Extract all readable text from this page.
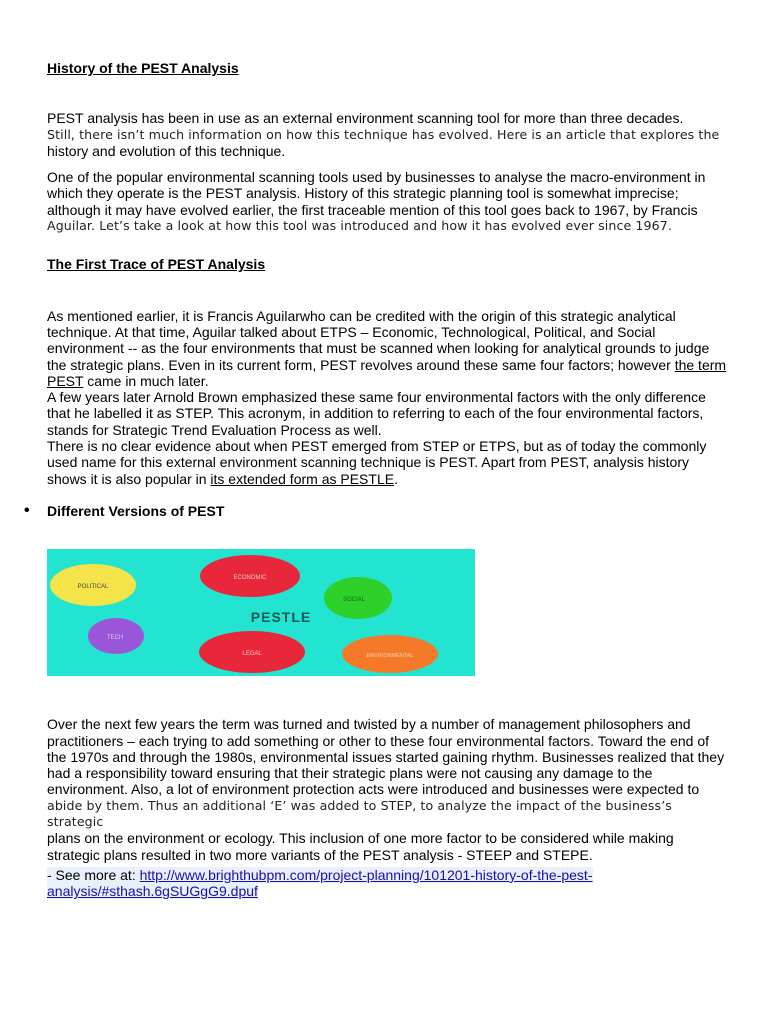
History of the PEST Analysis

PEST analysis has been in use as an external environment scanning tool for more than three decades.

Still, there isn’t much information on how this technique has evolved. Here is an article that explores the

history and evolution of this technique.

One of the popular environmental scanning tools used by businesses to analyse the macro-environment in which they operate is the PEST analysis. History of this strategic planning tool is somewhat imprecise; although it may have evolved earlier, the first traceable mention of this tool goes back to 1967, by Francis

Aguilar. Let’s take a look at how this tool was introduced and how it has evolved ever since 1967.

The First Trace of PEST Analysis

As mentioned earlier, it is Francis Aguilarwho can be credited with the origin of this strategic analytical technique. At that time, Aguilar talked about ETPS – Economic, Technological, Political, and Social environment -- as the four environments that must be scanned when looking for analytical grounds to judge the strategic plans. Even in its current form, PEST revolves around these same four factors; however the term PEST came in much later.

A few years later Arnold Brown emphasized these same four environmental factors with the only difference that he labelled it as STEP. This acronym, in addition to referring to each of the four environmental factors, stands for Strategic Trend Evaluation Process as well.

There is no clear evidence about when PEST emerged from STEP or ETPS, but as of today the commonly used name for this external environment scanning technique is PEST. Apart from PEST, analysis history shows it is also popular in its extended form as PESTLE.

• Different Versions of PEST
POLITICAL
ECONOMIC
SOCIAL
PESTLE
TECH
LEGAL	ENVIRONMENTAL

Over the next few years the term was turned and twisted by a number of management philosophers and practitioners – each trying to add something or other to these four environmental factors. Toward the end of the 1970s and through the 1980s, environmental issues started gaining rhythm. Businesses realized that they had a responsibility toward ensuring that their strategic plans were not causing any damage to the environment. Also, a lot of environment protection acts were introduced and businesses were expected to

abide by them. Thus an additional ‘E’ was added to STEP, to analyze the impact of the business’s strategic

plans on the environment or ecology. This inclusion of one more factor to be considered while making strategic plans resulted in two more variants of the PEST analysis - STEEP and STEPE.

- See more at: http://www.brighthubpm.com/project-planning/101201-history-of-the-pest-analysis/#sthash.6gSUGgG9.dpuf
